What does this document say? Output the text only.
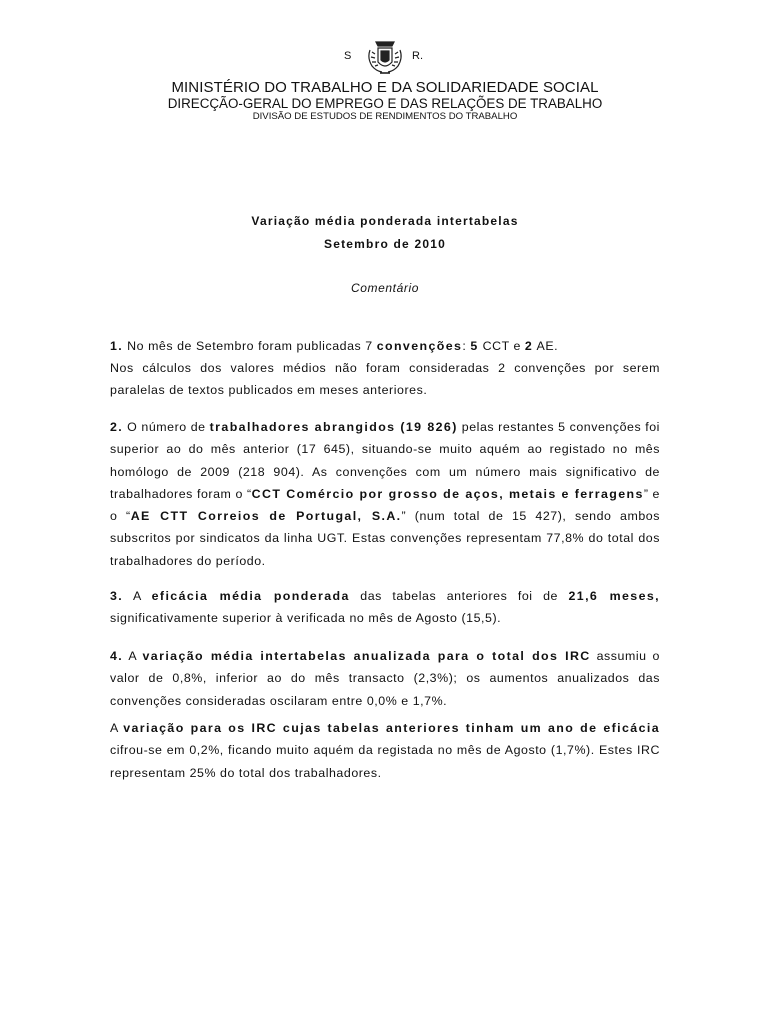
S	R.
MINISTÉRIO DO TRABALHO E DA SOLIDARIEDADE SOCIAL
DIRECÇÃO-GERAL DO EMPREGO E DAS RELAÇÕES DE TRABALHO
DIVISÃO DE ESTUDOS DE RENDIMENTOS DO TRABALHO
Variação média ponderada intertabelas
Setembro de 2010
Comentário
1. No mês de Setembro foram publicadas 7 convenções: 5 CCT e 2 AE.
Nos cálculos dos valores médios não foram consideradas 2 convenções por serem paralelas de textos publicados em meses anteriores.
2. O número de trabalhadores abrangidos (19 826) pelas restantes 5 convenções foi superior ao do mês anterior (17 645), situando-se muito aquém ao registado no mês homólogo de 2009 (218 904). As convenções com um número mais significativo de trabalhadores foram o “CCT Comércio por grosso de aços, metais e ferragens” e o “AE CTT Correios de Portugal, S.A.” (num total de 15 427), sendo ambos subscritos por sindicatos da linha UGT. Estas convenções representam 77,8% do total dos trabalhadores do período.
3. A eficácia média ponderada das tabelas anteriores foi de 21,6 meses, significativamente superior à verificada no mês de Agosto (15,5).
4. A variação média intertabelas anualizada para o total dos IRC assumiu o valor de 0,8%, inferior ao do mês transacto (2,3%); os aumentos anualizados das convenções consideradas oscilaram entre 0,0% e 1,7%.
A variação para os IRC cujas tabelas anteriores tinham um ano de eficácia cifrou-se em 0,2%, ficando muito aquém da registada no mês de Agosto (1,7%). Estes IRC representam 25% do total dos trabalhadores.
